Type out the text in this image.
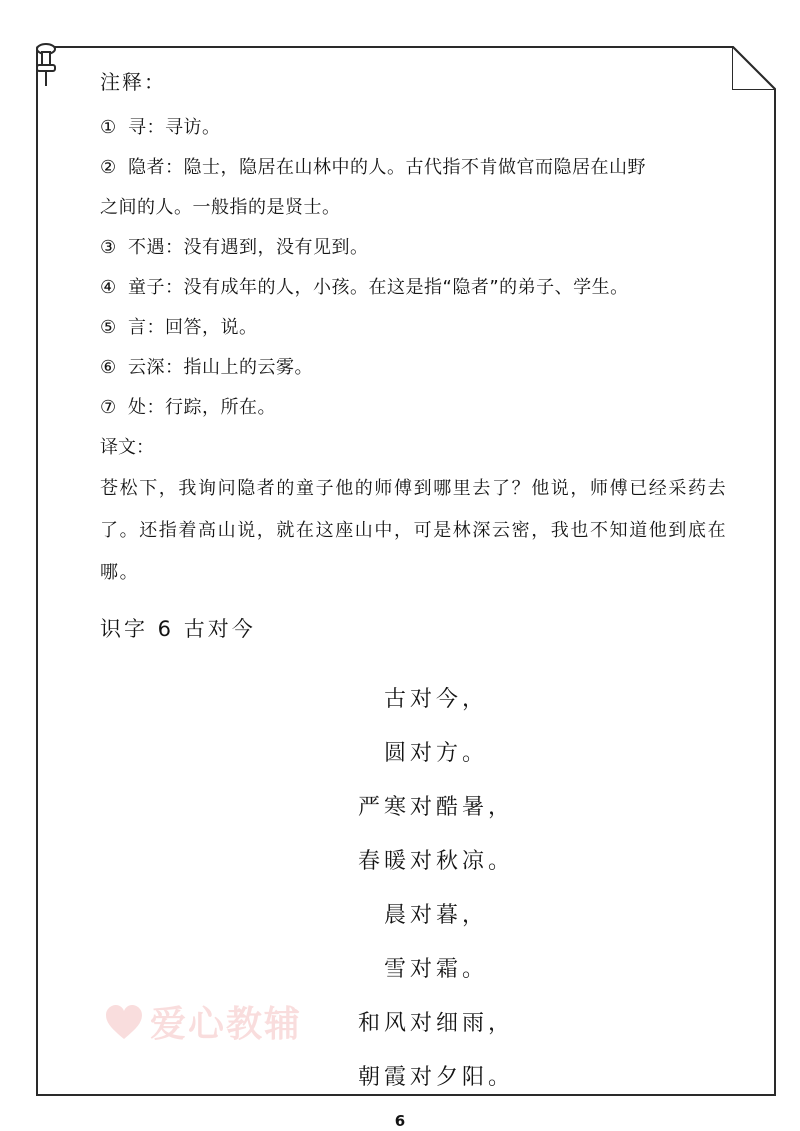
注释：

① 寻：寻访。

② 隐者：隐士，隐居在山林中的人。古代指不肯做官而隐居在山野

之间的人。一般指的是贤士。

③ 不遇：没有遇到，没有见到。

④ 童子：没有成年的人，小孩。在这是指“隐者”的弟子、学生。

⑤ 言：回答，说。

⑥ 云深：指山上的云雾。

⑦ 处：行踪，所在。

译文：

苍松下，我询问隐者的童子他的师傅到哪里去了？他说，师傅已经采药去了。还指着高山说，就在这座山中，可是林深云密，我也不知道他到底在哪。

识字 6 古对今

古对今，

圆对方。

严寒对酷暑，

春暖对秋凉。

晨对暮，

雪对霜。

和风对细雨，

朝霞对夕阳。

爱心教辅
6
